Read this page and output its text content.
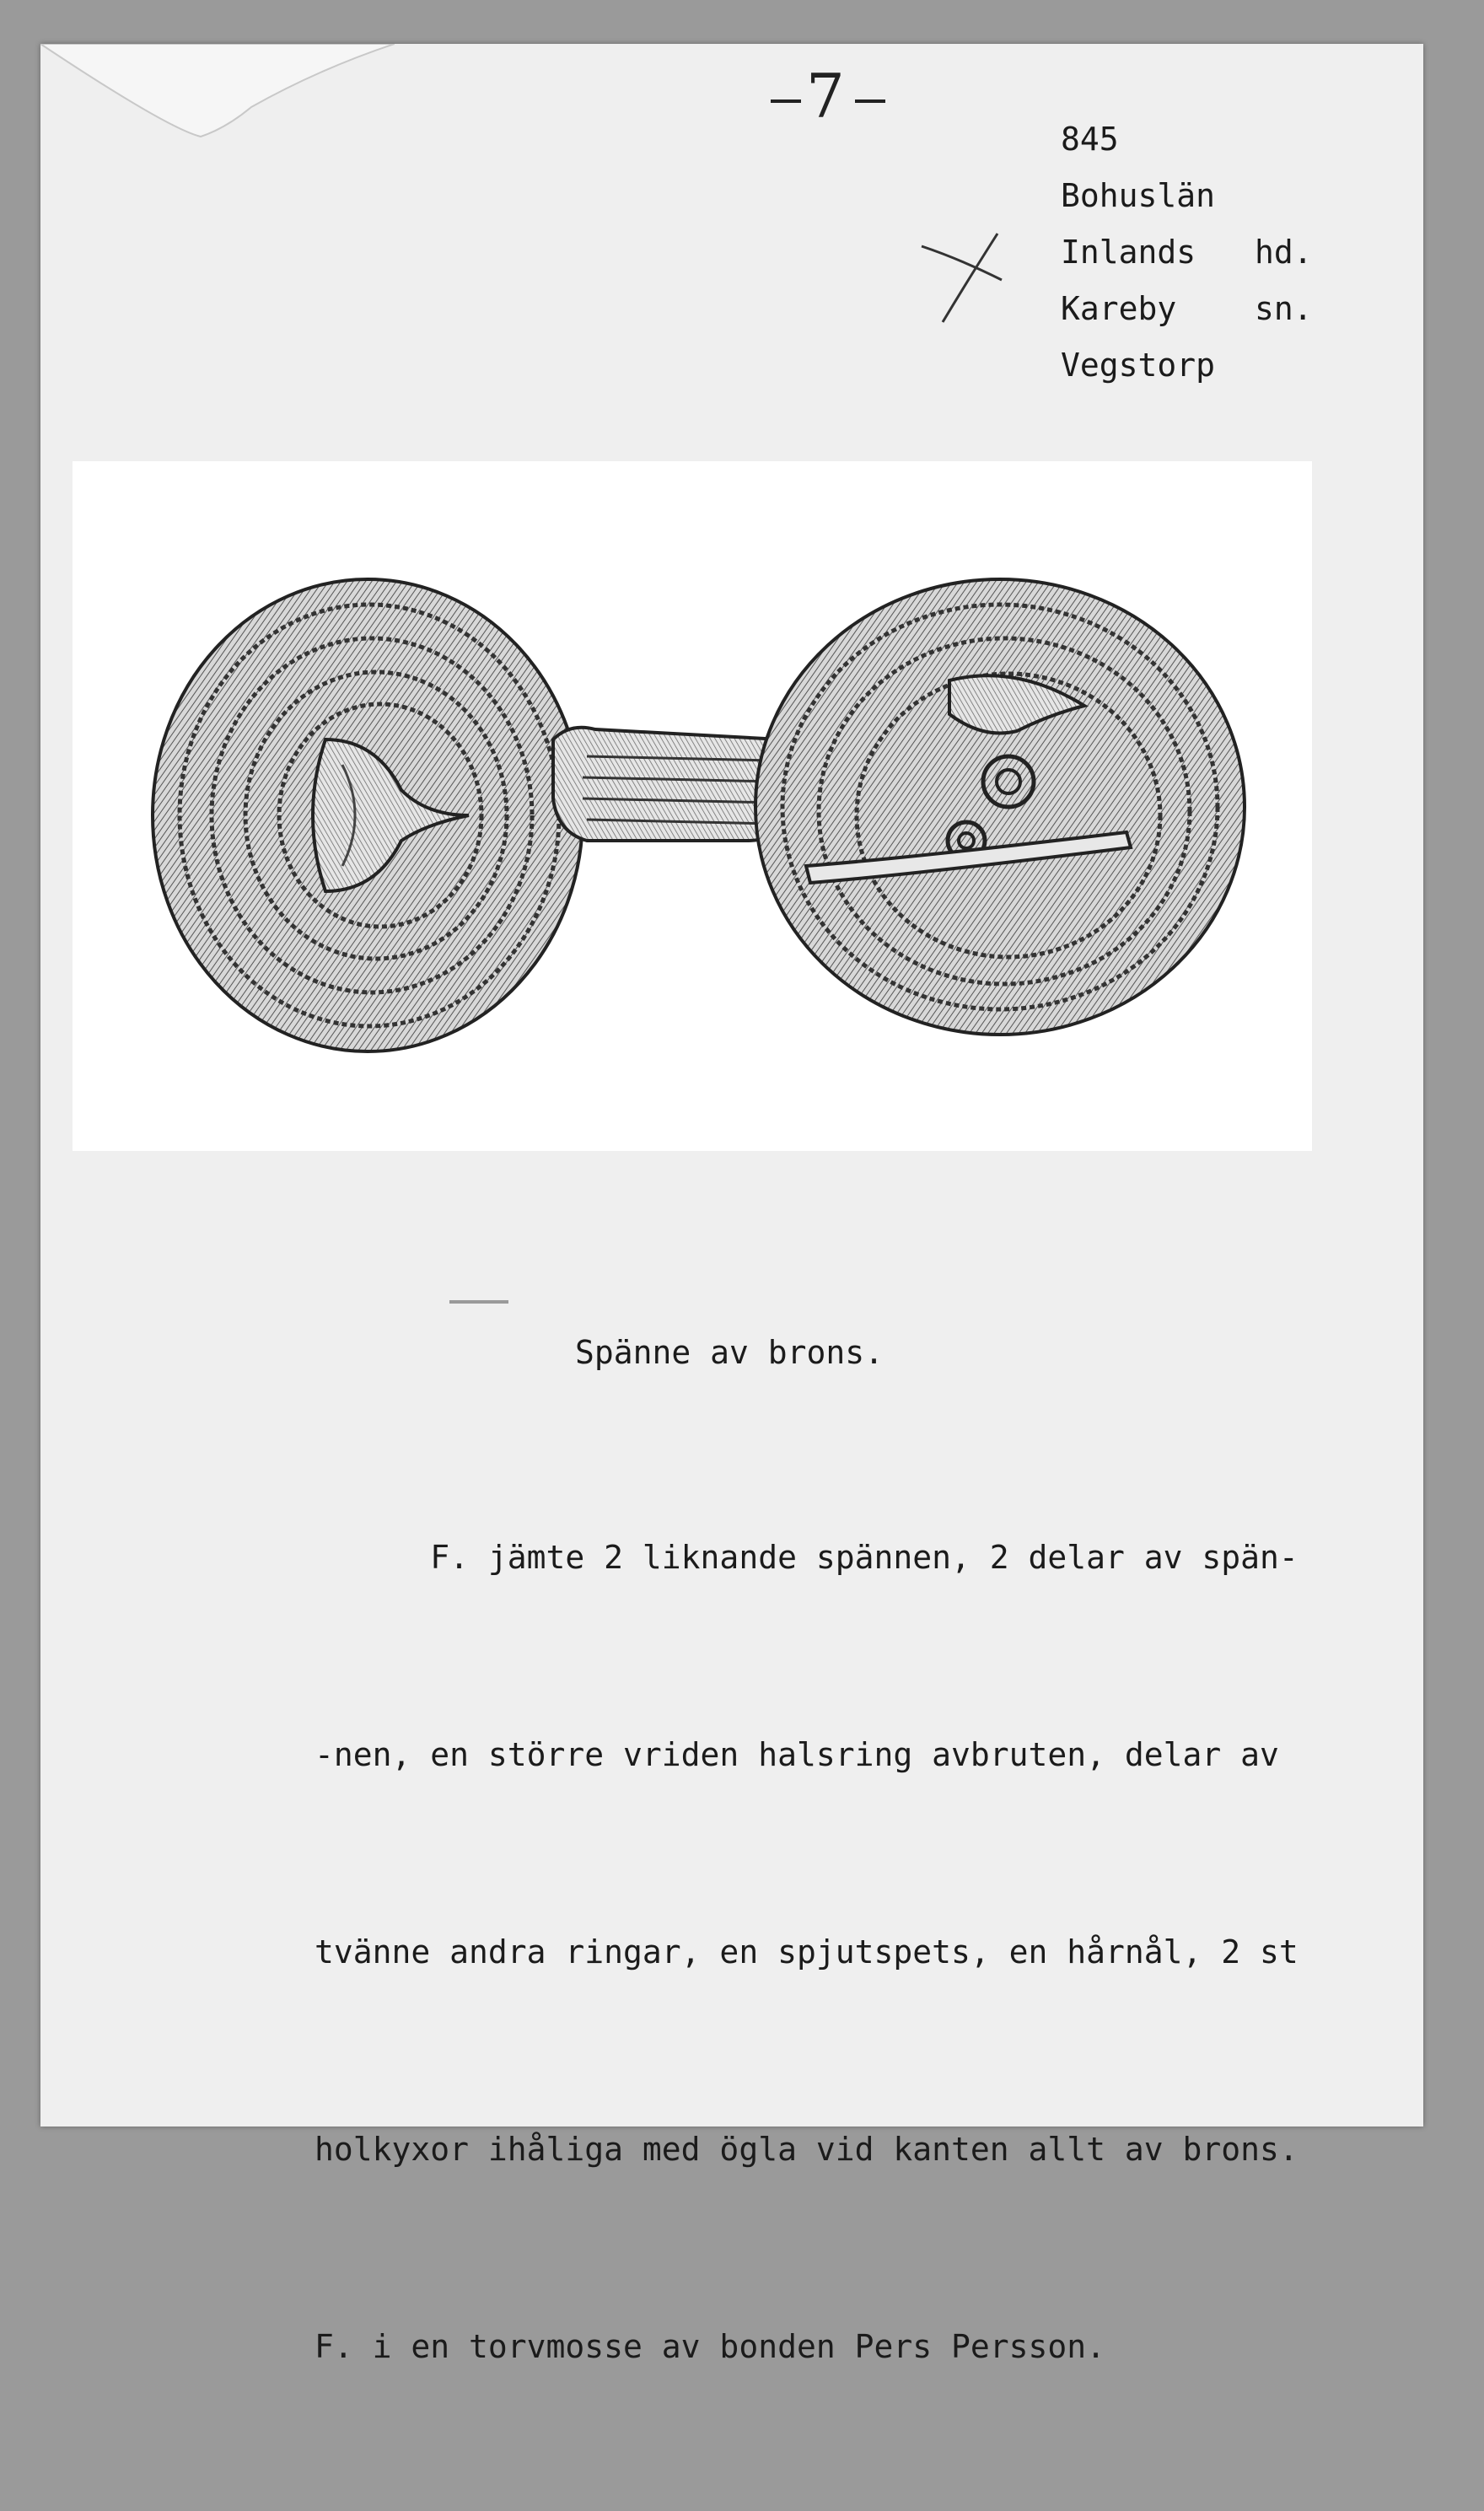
7
845
Bohuslän
Inlands	hd.
Kareby	sn.
Vegstorp
Spänne av brons.

F. jämte 2 liknande spännen, 2 delar av spän-

-nen, en större vriden halsring avbruten, delar av

tvänne andra ringar, en spjutspets, en hårnål, 2 st

holkyxor ihåliga med ögla vid kanten allt av brons.

F. i en torvmosse av bonden Pers Persson.
